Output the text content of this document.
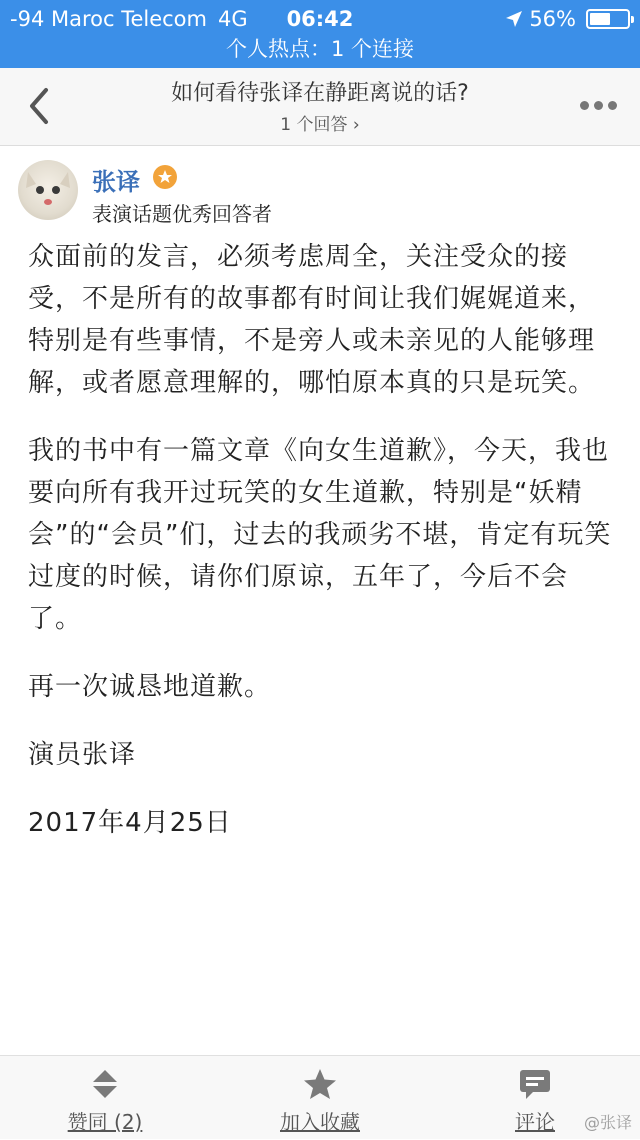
-94 Maroc Telecom 4G	06:42	56%
个人热点：1 个连接
如何看待张译在静距离说的话?
1 个回答 ›
张译
表演话题优秀回答者

众面前的发言，必须考虑周全，关注受众的接受，不是所有的故事都有时间让我们娓娓道来，特别是有些事情，不是旁人或未亲见的人能够理解，或者愿意理解的，哪怕原本真的只是玩笑。

我的书中有一篇文章《向女生道歉》，今天，我也要向所有我开过玩笑的女生道歉，特别是“妖精会”的“会员”们，过去的我顽劣不堪，肯定有玩笑过度的时候，请你们原谅，五年了，今后不会了。

再一次诚恳地道歉。

演员张译

2017年4月25日

赞同 (2)	加入收藏	评论	@张译
